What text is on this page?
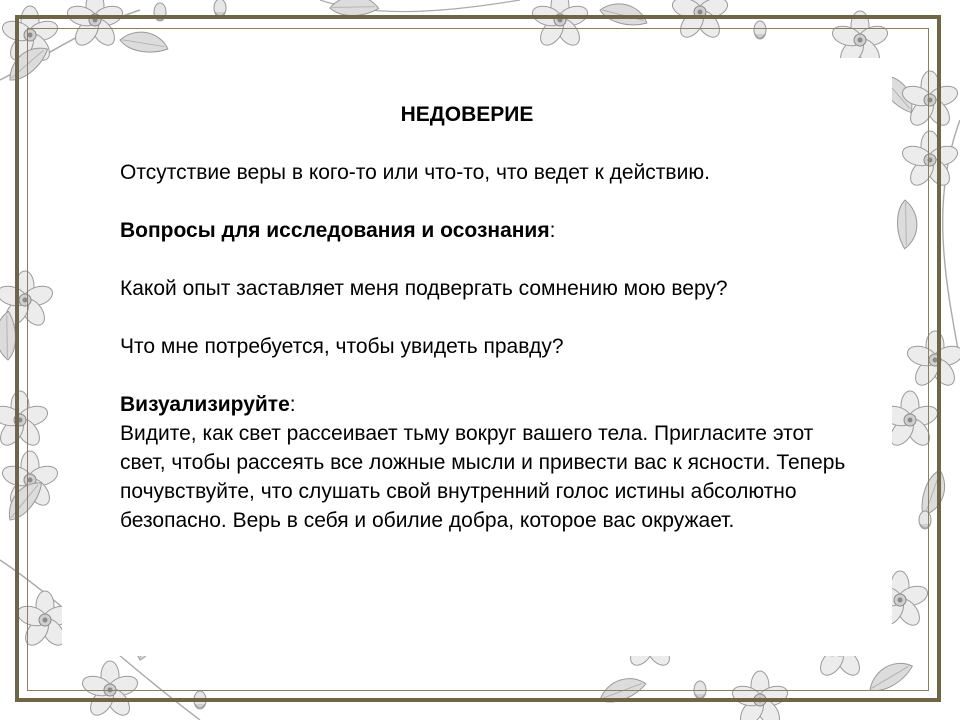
НЕДОВЕРИЕ

Отсутствие веры в кого-то или что-то, что ведет к действию.

Вопросы для исследования и осознания:

Какой опыт заставляет меня подвергать сомнению мою веру?

Что мне потребуется, чтобы увидеть правду?

Визуализируйте:

Видите, как свет рассеивает тьму вокруг вашего тела. Пригласите этот свет, чтобы рассеять все ложные мысли и привести вас к ясности. Теперь почувствуйте, что слушать свой внутренний голос истины абсолютно безопасно. Верь в себя и обилие добра, которое вас окружает.
